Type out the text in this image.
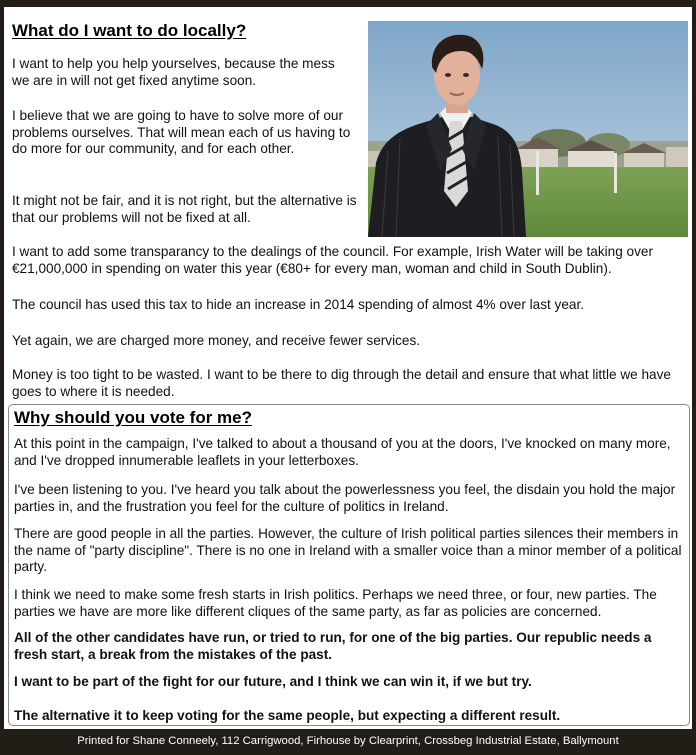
What do I want to do locally?

I want to help you help yourselves, because the mess we are in will not get fixed anytime soon.

I believe that we are going to have to solve more of our problems ourselves. That will mean each of us having to do more for our community, and for each other.

It might not be fair, and it is not right, but the alternative is that our problems will not be fixed at all.

I want to add some transparancy to the dealings of the council. For example, Irish Water will be taking over €21,000,000 in spending on water this year (€80+ for every man, woman and child in South Dublin).

The council has used this tax to hide an increase in 2014 spending of almost 4% over last year.

Yet again, we are charged more money, and receive fewer services.

Money is too tight to be wasted. I want to be there to dig through the detail and ensure that what little we have goes to where it is needed.

Why should you vote for me?

At this point in the campaign, I've talked to about a thousand of you at the doors, I've knocked on many more, and I've dropped innumerable leaflets in your letterboxes.

I've been listening to you. I've heard you talk about the powerlessness you feel, the disdain you hold the major parties in, and the frustration you feel for the culture of politics in Ireland.

There are good people in all the parties. However, the culture of Irish political parties silences their members in the name of "party discipline". There is no one in Ireland with a smaller voice than a minor member of a political party.

I think we need to make some fresh starts in Irish politics. Perhaps we need three, or four, new parties. The parties we have are more like different cliques of the same party, as far as policies are concerned.

All of the other candidates have run, or tried to run, for one of the big parties. Our republic needs a fresh start, a break from the mistakes of the past.

I want to be part of the fight for our future, and I think we can win it, if we but try.

The alternative it to keep voting for the same people, but expecting a different result.

Printed for Shane Conneely, 112 Carrigwood, Firhouse by Clearprint, Crossbeg Industrial Estate, Ballymount
